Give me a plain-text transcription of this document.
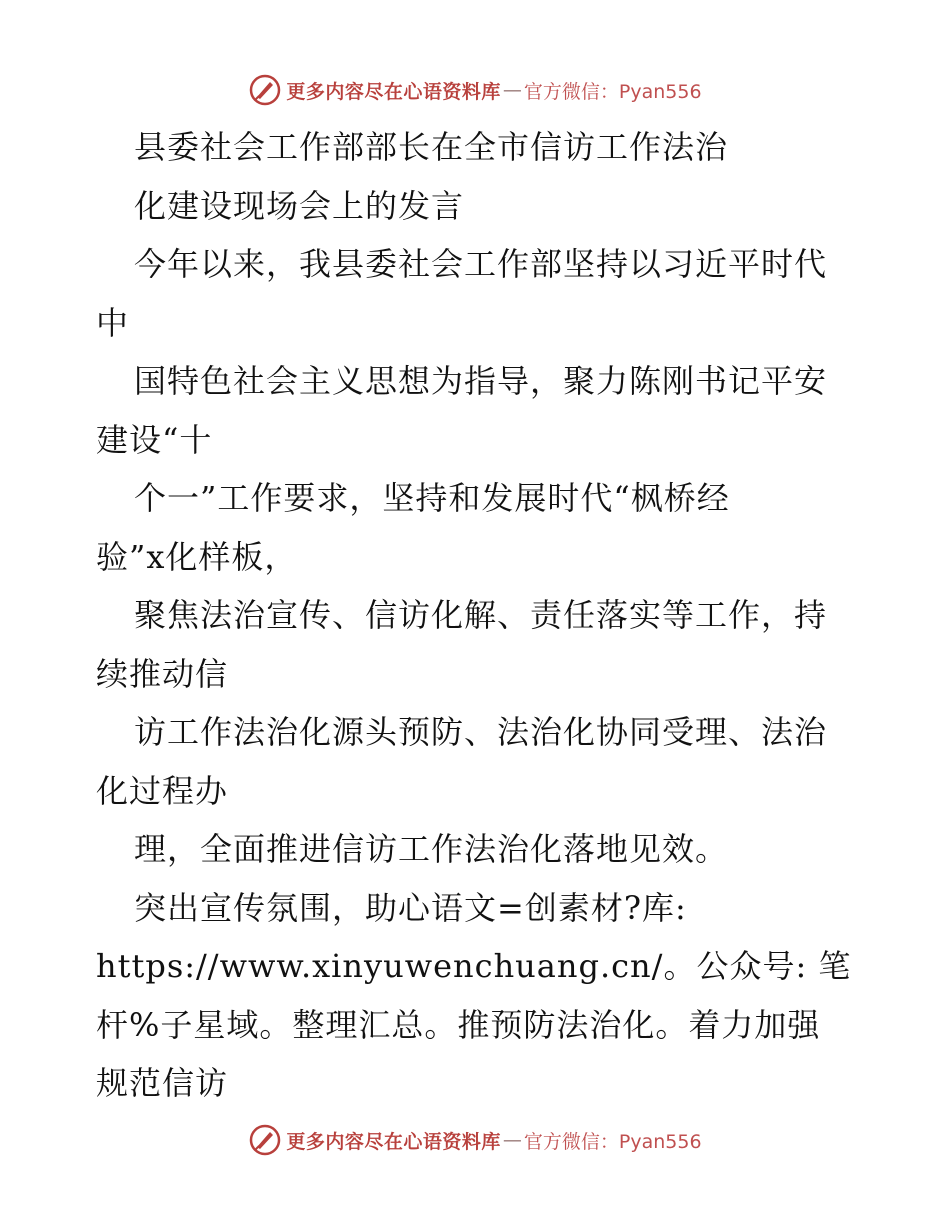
更多内容尽在心语资料库 — 官方微信：Pyan556
县委社会工作部部长在全市信访工作法治
化建设现场会上的发言
今年以来，我县委社会工作部坚持以习近平时代
中
国特色社会主义思想为指导，聚力陈刚书记平安
建设“十
个一”工作要求，坚持和发展时代“枫桥经
验”x化样板，
聚焦法治宣传、信访化解、责任落实等工作，持
续推动信
访工作法治化源头预防、法治化协同受理、法治
化过程办
理，全面推进信访工作法治化落地见效。
突出宣传氛围，助心语文=创素材?库:
https://www.xinyuwenchuang.cn/。公众号: 笔
杆%子星域。整理汇总。推预防法治化。着力加强
规范信访
更多内容尽在心语资料库 — 官方微信：Pyan556
